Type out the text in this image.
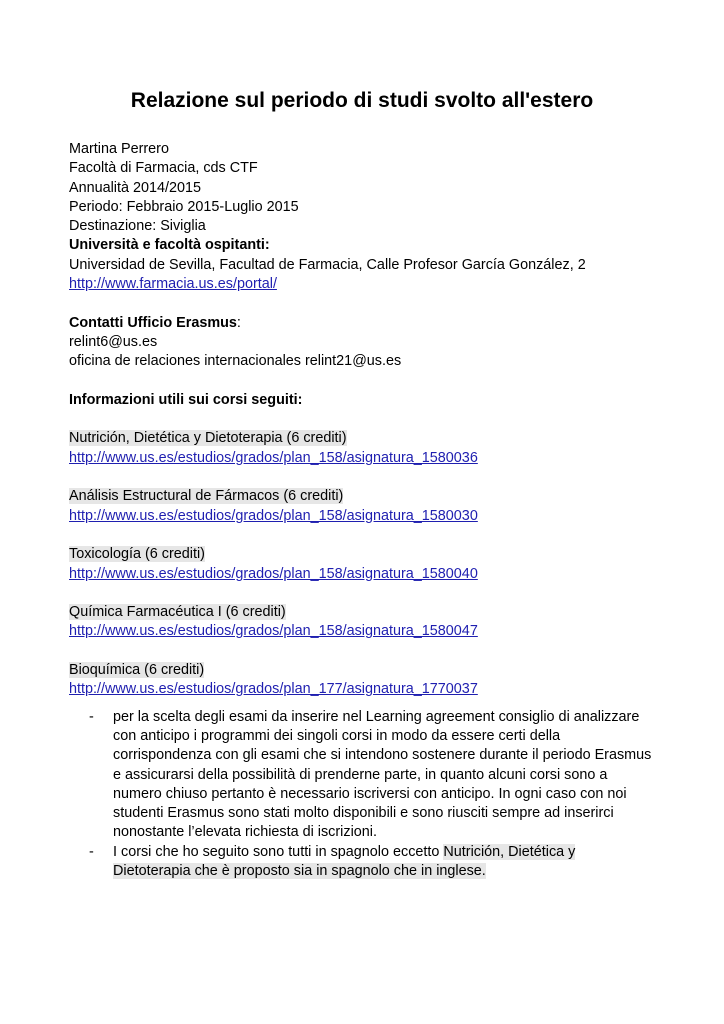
Relazione sul periodo di studi svolto all'estero
Martina Perrero
Facoltà di Farmacia, cds CTF
Annualità 2014/2015
Periodo: Febbraio 2015-Luglio 2015
Destinazione: Siviglia
Università e facoltà ospitanti:
Universidad de Sevilla, Facultad de Farmacia, Calle Profesor García González, 2
http://www.farmacia.us.es/portal/
Contatti Ufficio Erasmus:
relint6@us.es
oficina de relaciones internacionales relint21@us.es
Informazioni utili sui corsi seguiti:
Nutrición, Dietética y Dietoterapia (6 crediti)
http://www.us.es/estudios/grados/plan_158/asignatura_1580036
Análisis Estructural de Fármacos (6 crediti)
http://www.us.es/estudios/grados/plan_158/asignatura_1580030
Toxicología (6 crediti)
http://www.us.es/estudios/grados/plan_158/asignatura_1580040
Química Farmacéutica I (6 crediti)
http://www.us.es/estudios/grados/plan_158/asignatura_1580047
Bioquímica (6 crediti)
http://www.us.es/estudios/grados/plan_177/asignatura_1770037
- per la scelta degli esami da inserire nel Learning agreement consiglio di analizzare
con anticipo i programmi dei singoli corsi in modo da essere certi della
corrispondenza con gli esami che si intendono sostenere durante il periodo Erasmus
e assicurarsi della possibilità di prenderne parte, in quanto alcuni corsi sono a
numero chiuso pertanto è necessario iscriversi con anticipo. In ogni caso con noi
studenti Erasmus sono stati molto disponibili e sono riusciti sempre ad inserirci
nonostante l’elevata richiesta di iscrizioni.
- I corsi che ho seguito sono tutti in spagnolo eccetto Nutrición, Dietética y
Dietoterapia che è proposto sia in spagnolo che in inglese.
